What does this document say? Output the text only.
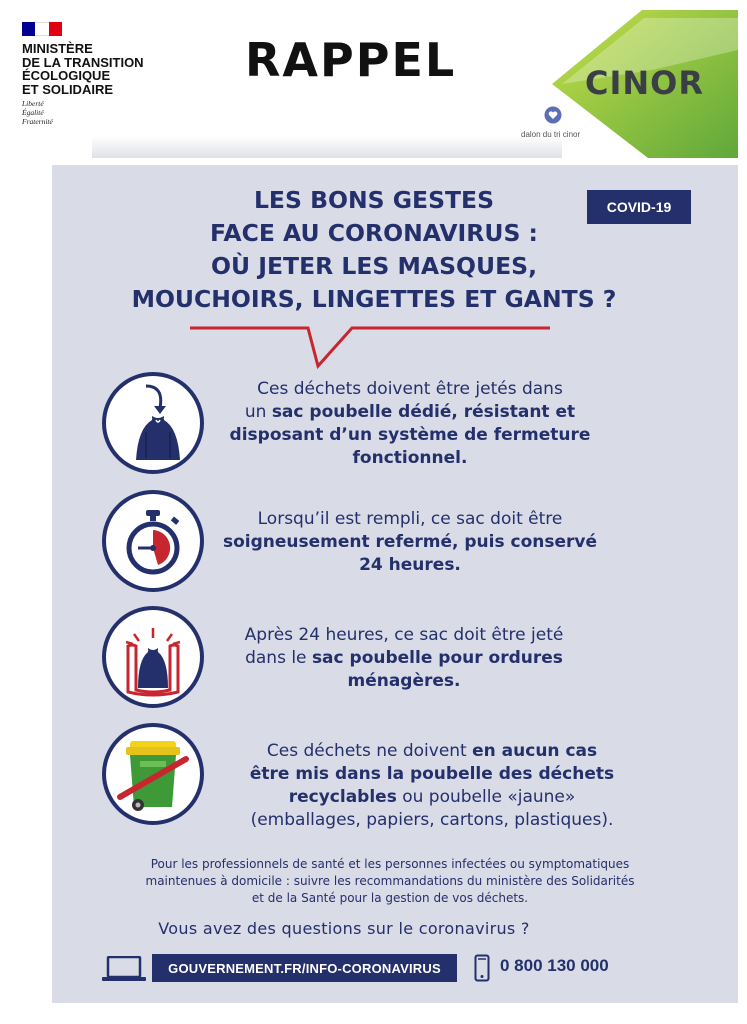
MINISTÈRE
DE LA TRANSITION
ÉCOLOGIQUE
ET SOLIDAIRE
Liberté
Égalité
Fraternité
RAPPEL	CINOR
dalon du tri cinor
COVID-19
LES BONS GESTES
FACE AU CORONAVIRUS :
OÙ JETER LES MASQUES,
MOUCHOIRS, LINGETTES ET GANTS ?
Ces déchets doivent être jetés dans
un sac poubelle dédié, résistant et
disposant d’un système de fermeture
fonctionnel.
Lorsqu’il est rempli, ce sac doit être
soigneusement refermé, puis conservé
24 heures.
Après 24 heures, ce sac doit être jeté
dans le sac poubelle pour ordures
ménagères.
Ces déchets ne doivent en aucun cas
être mis dans la poubelle des déchets
recyclables ou poubelle «jaune»
(emballages, papiers, cartons, plastiques).
Pour les professionnels de santé et les personnes infectées ou symptomatiques
maintenues à domicile : suivre les recommandations du ministère des Solidarités
et de la Santé pour la gestion de vos déchets.
Vous avez des questions sur le coronavirus ?
GOUVERNEMENT.FR/INFO-CORONAVIRUS	0 800 130 000
